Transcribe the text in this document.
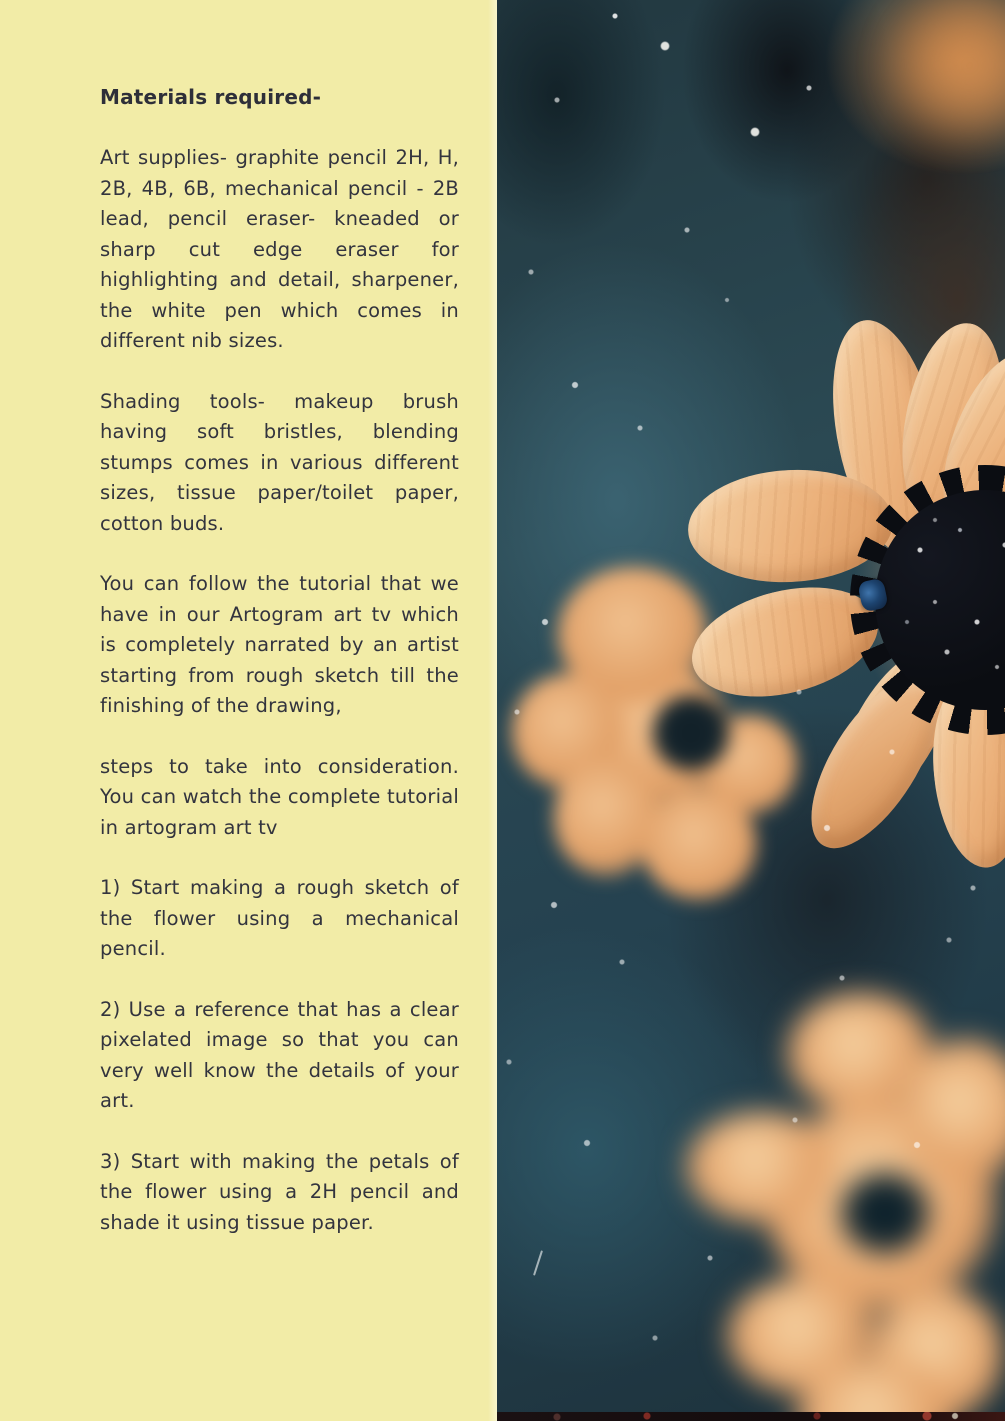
Materials required-

Art supplies- graphite pencil 2H, H, 2B, 4B, 6B, mechanical pencil - 2B lead, pencil eraser- kneaded or sharp cut edge eraser for highlighting and detail, sharpener, the white pen which comes in different nib sizes.

Shading tools- makeup brush having soft bristles, blending stumps comes in various different sizes, tissue paper/toilet paper, cotton buds.

You can follow the tutorial that we have in our Artogram art tv which is completely narrated by an artist starting from rough sketch till the finishing of the drawing,

steps to take into consideration. You can watch the complete tutorial in artogram art tv

1) Start making a rough sketch of the flower using a mechanical pencil.

2) Use a reference that has a clear pixelated image so that you can very well know the details of your art.

3) Start with making the petals of the flower using a 2H pencil and shade it using tissue paper.
